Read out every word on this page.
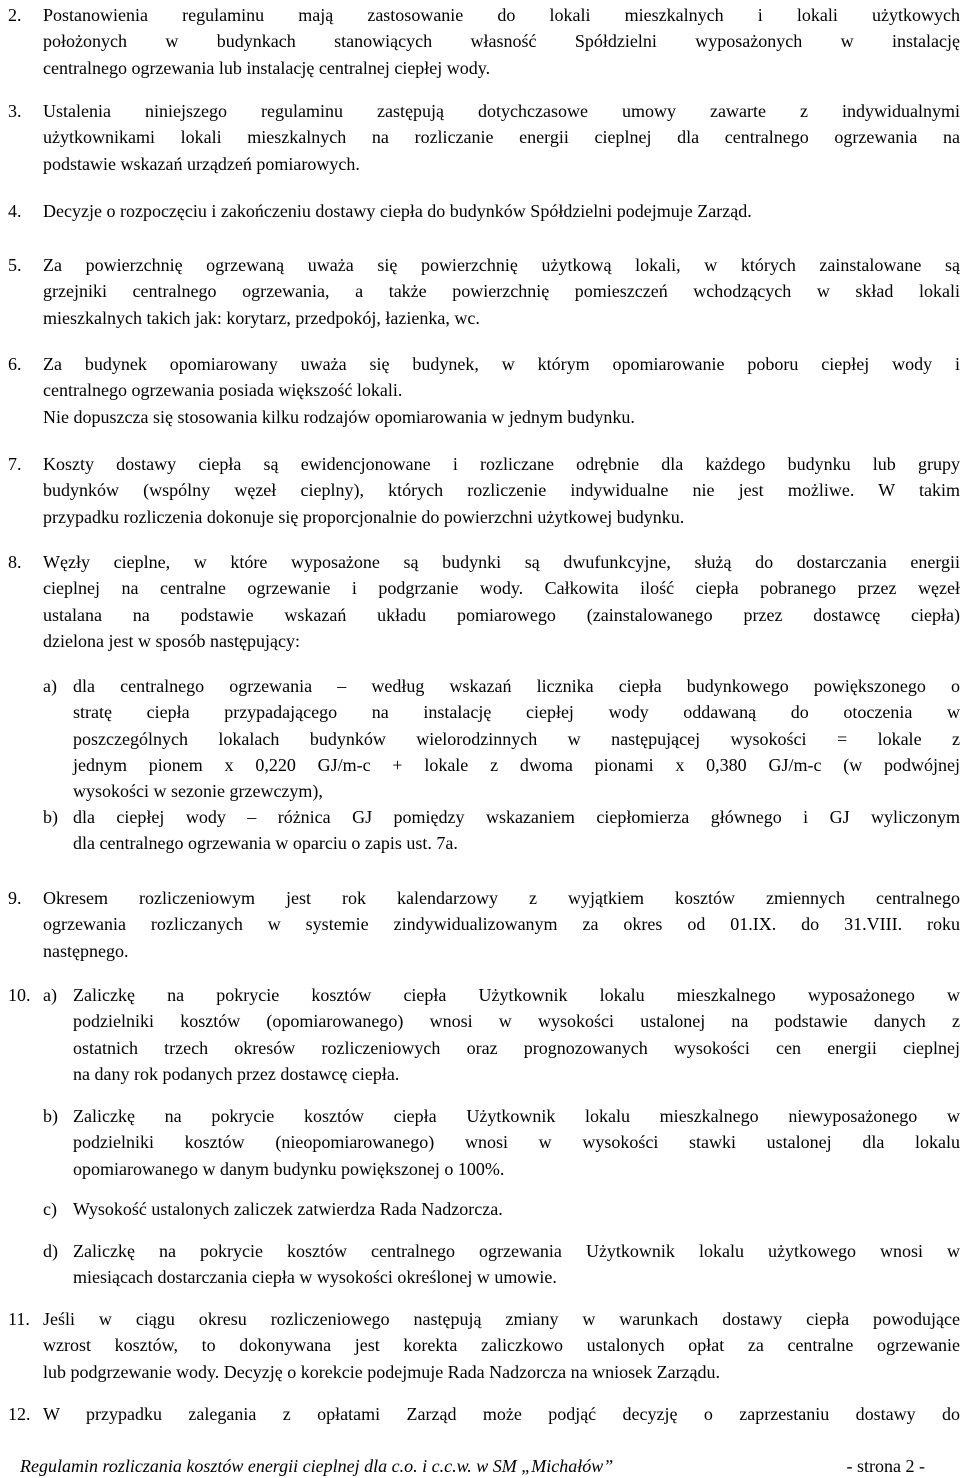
2. Postanowienia regulaminu mają zastosowanie do lokali mieszkalnych i lokali użytkowych
położonych w budynkach stanowiących własność Spółdzielni wyposażonych w instalację
centralnego ogrzewania lub instalację centralnej ciepłej wody.
3. Ustalenia niniejszego regulaminu zastępują dotychczasowe umowy zawarte z indywidualnymi
użytkownikami lokali mieszkalnych na rozliczanie energii cieplnej dla centralnego ogrzewania na
podstawie wskazań urządzeń pomiarowych.
4. Decyzje o rozpoczęciu i zakończeniu dostawy ciepła do budynków Spółdzielni podejmuje Zarząd.
5. Za powierzchnię ogrzewaną uważa się powierzchnię użytkową lokali, w których zainstalowane są
grzejniki centralnego ogrzewania, a także powierzchnię pomieszczeń wchodzących w skład lokali
mieszkalnych takich jak: korytarz, przedpokój, łazienka, wc.
6. Za budynek opomiarowany uważa się budynek, w którym opomiarowanie poboru ciepłej wody i
centralnego ogrzewania posiada większość lokali.
Nie dopuszcza się stosowania kilku rodzajów opomiarowania w jednym budynku.
7. Koszty dostawy ciepła są ewidencjonowane i rozliczane odrębnie dla każdego budynku lub grupy
budynków (wspólny węzeł cieplny), których rozliczenie indywidualne nie jest możliwe. W takim
przypadku rozliczenia dokonuje się proporcjonalnie do powierzchni użytkowej budynku.
8. Węzły cieplne, w które wyposażone są budynki są dwufunkcyjne, służą do dostarczania energii
cieplnej na centralne ogrzewanie i podgrzanie wody. Całkowita ilość ciepła pobranego przez węzeł
ustalana na podstawie wskazań układu pomiarowego (zainstalowanego przez dostawcę ciepła)
dzielona jest w sposób następujący:
a) dla centralnego ogrzewania – według wskazań licznika ciepła budynkowego powiększonego o
stratę ciepła przypadającego na instalację ciepłej wody oddawaną do otoczenia w
poszczególnych lokalach budynków wielorodzinnych w następującej wysokości = lokale z
jednym pionem x 0,220 GJ/m-c + lokale z dwoma pionami x 0,380 GJ/m-c (w podwójnej
wysokości w sezonie grzewczym),
b) dla ciepłej wody – różnica GJ pomiędzy wskazaniem ciepłomierza głównego i GJ wyliczonym
dla centralnego ogrzewania w oparciu o zapis ust. 7a.
9. Okresem rozliczeniowym jest rok kalendarzowy z wyjątkiem kosztów zmiennych centralnego
ogrzewania rozliczanych w systemie zindywidualizowanym za okres od 01.IX. do 31.VIII. roku
następnego.
10. a) Zaliczkę na pokrycie kosztów ciepła Użytkownik lokalu mieszkalnego wyposażonego w
podzielniki kosztów (opomiarowanego) wnosi w wysokości ustalonej na podstawie danych z
ostatnich trzech okresów rozliczeniowych oraz prognozowanych wysokości cen energii cieplnej
na dany rok podanych przez dostawcę ciepła.
b) Zaliczkę na pokrycie kosztów ciepła Użytkownik lokalu mieszkalnego niewyposażonego w
podzielniki kosztów (nieopomiarowanego) wnosi w wysokości stawki ustalonej dla lokalu
opomiarowanego w danym budynku powiększonej o 100%.
c) Wysokość ustalonych zaliczek zatwierdza Rada Nadzorcza.
d) Zaliczkę na pokrycie kosztów centralnego ogrzewania Użytkownik lokalu użytkowego wnosi w
miesiącach dostarczania ciepła w wysokości określonej w umowie.
11. Jeśli w ciągu okresu rozliczeniowego następują zmiany w warunkach dostawy ciepła powodujące
wzrost kosztów, to dokonywana jest korekta zaliczkowo ustalonych opłat za centralne ogrzewanie
lub podgrzewanie wody. Decyzję o korekcie podejmuje Rada Nadzorcza na wniosek Zarządu.
12. W przypadku zalegania z opłatami Zarząd może podjąć decyzję o zaprzestaniu dostawy do
Regulamin rozliczania kosztów energii cieplnej dla c.o. i c.c.w. w SM „Michałów”	- strona 2 -
